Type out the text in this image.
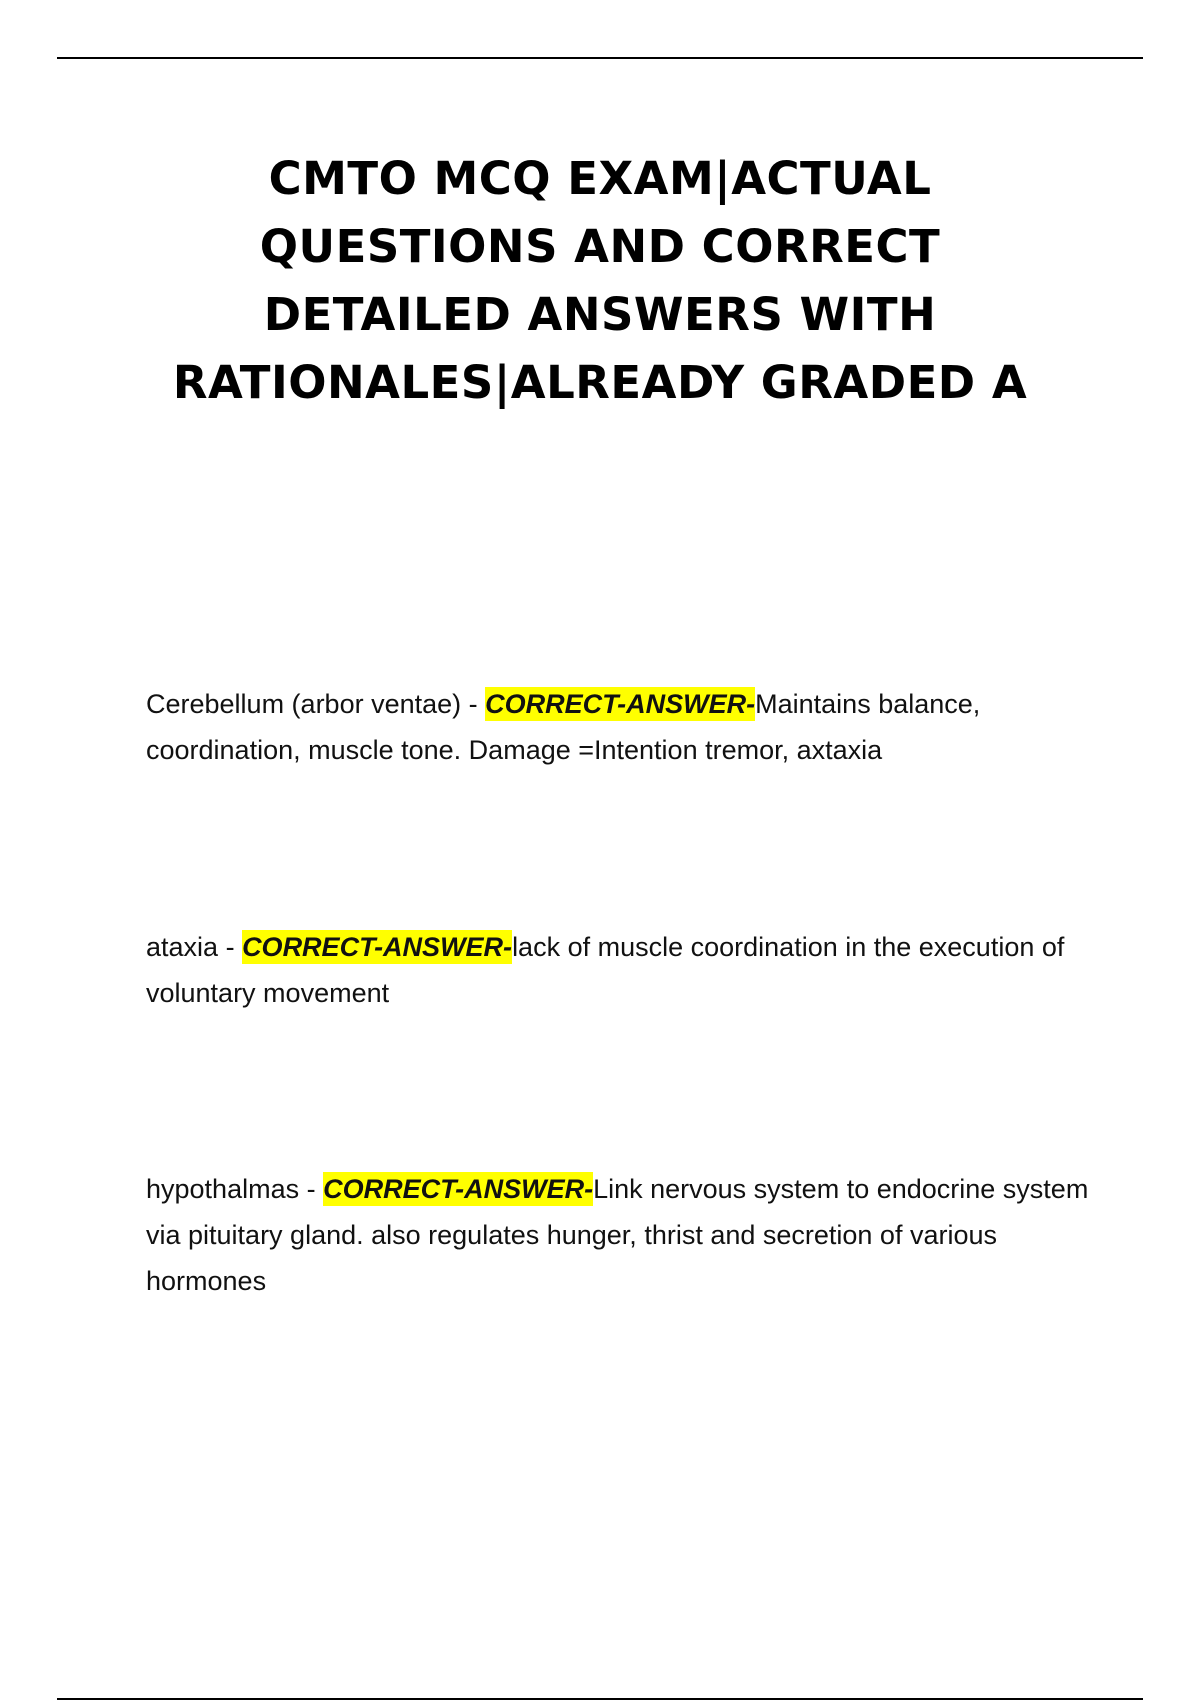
CMTO MCQ EXAM|ACTUAL
QUESTIONS AND CORRECT
DETAILED ANSWERS WITH
RATIONALES|ALREADY GRADED A

Cerebellum (arbor ventae) - CORRECT-ANSWER-Maintains balance, coordination, muscle tone. Damage =Intention tremor, axtaxia

ataxia - CORRECT-ANSWER-lack of muscle coordination in the execution of voluntary movement

hypothalmas - CORRECT-ANSWER-Link nervous system to endocrine system via pituitary gland. also regulates hunger, thrist and secretion of various hormones
